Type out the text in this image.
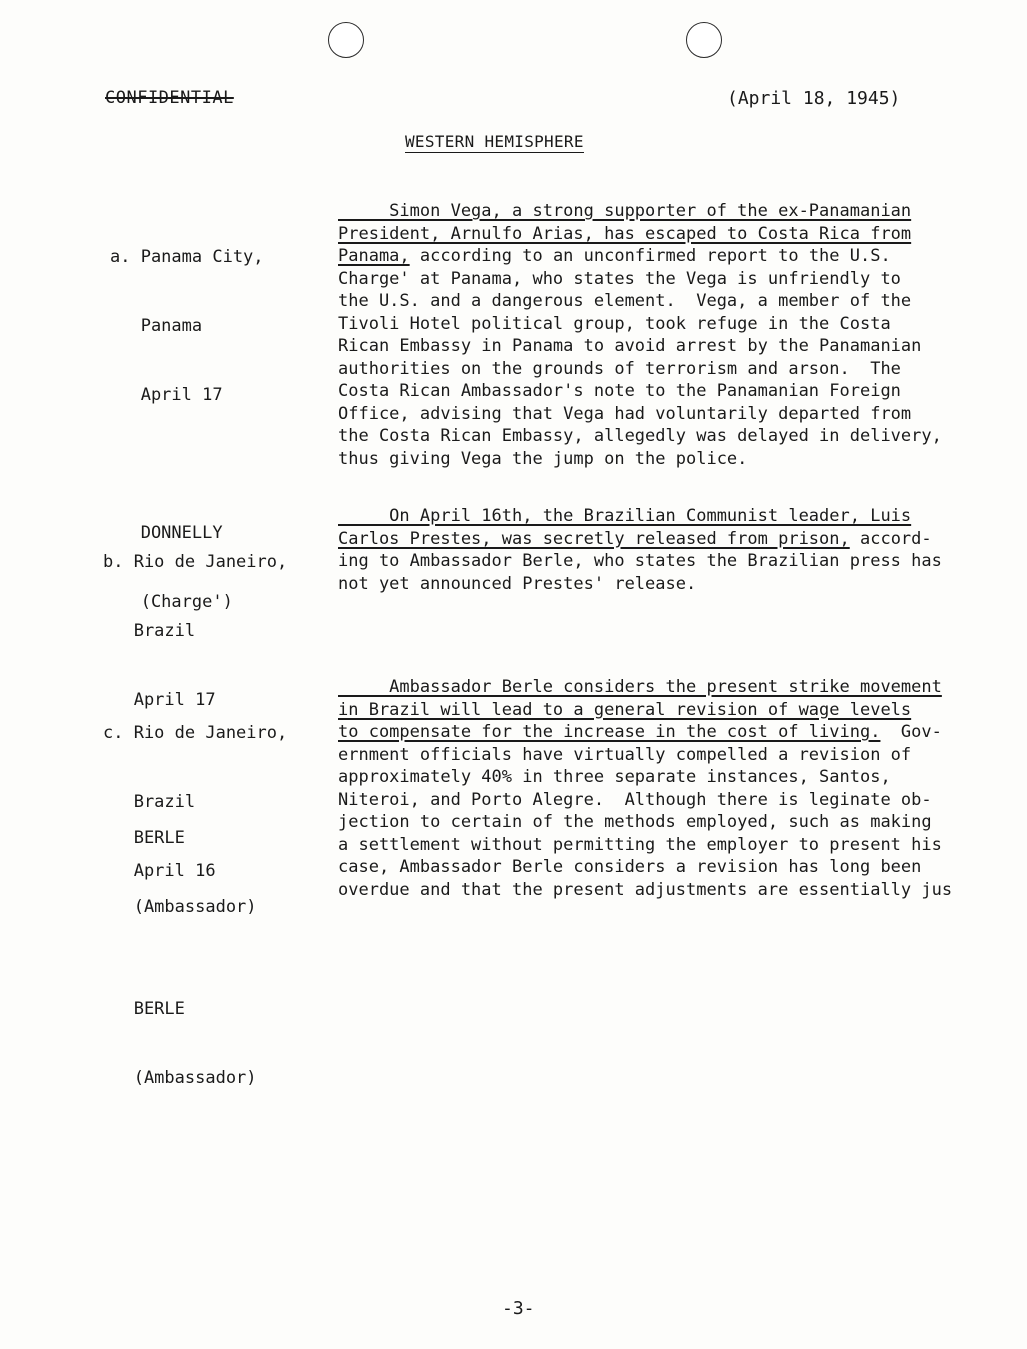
CONFIDENTIAL	(April 18, 1945)
WESTERN HEMISPHERE

a. Panama City,

Panama

April 17

DONNELLY

(Charge')

Simon Vega, a strong supporter of the ex-Panamanian
President, Arnulfo Arias, has escaped to Costa Rica from
Panama, according to an unconfirmed report to the U.S.
Charge' at Panama, who states the Vega is unfriendly to
the U.S. and a dangerous element.  Vega, a member of the
Tivoli Hotel political group, took refuge in the Costa
Rican Embassy in Panama to avoid arrest by the Panamanian
authorities on the grounds of terrorism and arson.  The
Costa Rican Ambassador's note to the Panamanian Foreign
Office, advising that Vega had voluntarily departed from
the Costa Rican Embassy, allegedly was delayed in delivery,
thus giving Vega the jump on the police.

b. Rio de Janeiro,

Brazil

April 17

BERLE

(Ambassador)

On April 16th, the Brazilian Communist leader, Luis
Carlos Prestes, was secretly released from prison, accord-
ing to Ambassador Berle, who states the Brazilian press has
not yet announced Prestes' release.

c. Rio de Janeiro,

Brazil

April 16

BERLE

(Ambassador)

Ambassador Berle considers the present strike movement
in Brazil will lead to a general revision of wage levels
to compensate for the increase in the cost of living.  Gov-
ernment officials have virtually compelled a revision of
approximately 40% in three separate instances, Santos,
Niteroi, and Porto Alegre.  Although there is leginate ob-
jection to certain of the methods employed, such as making
a settlement without permitting the employer to present his
case, Ambassador Berle considers a revision has long been
overdue and that the present adjustments are essentially jus
-3-
